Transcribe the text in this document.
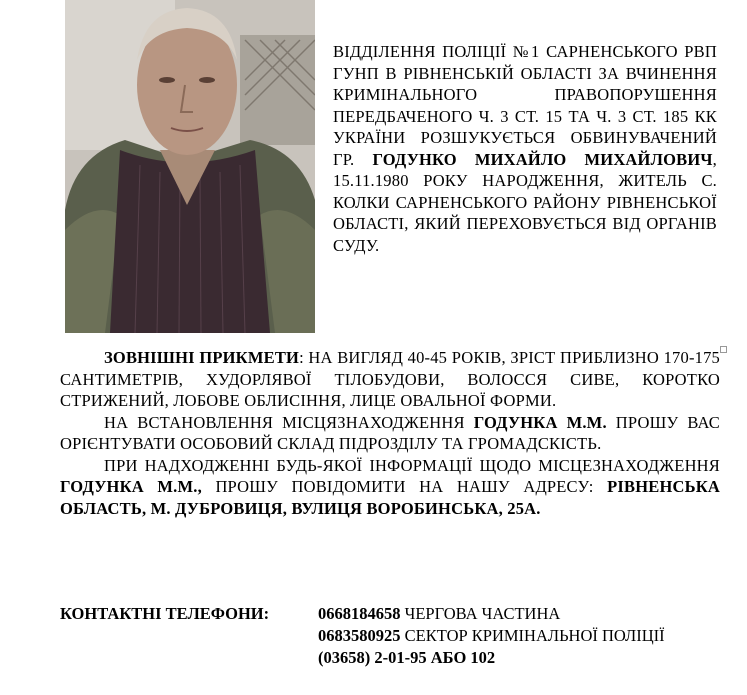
ВІДДІЛЕННЯ ПОЛІЦІЇ №1 САРНЕНСЬКОГО РВП ГУНП В РІВНЕНСЬКІЙ ОБЛАСТІ ЗА ВЧИНЕННЯ КРИМІНАЛЬНОГО ПРАВОПОРУШЕННЯ ПЕРЕДБАЧЕНОГО Ч. 3 СТ. 15 ТА Ч. 3 СТ. 185 КК УКРАЇНИ РОЗШУКУЄТЬСЯ ОБВИНУВАЧЕНИЙ ГР. ГОДУНКО МИХАЙЛО МИХАЙЛОВИЧ, 15.11.1980 РОКУ НАРОДЖЕННЯ, ЖИТЕЛЬ С. КОЛКИ САРНЕНСЬКОГО РАЙОНУ РІВНЕНСЬКОЇ ОБЛАСТІ, ЯКИЙ ПЕРЕХОВУЄТЬСЯ ВІД ОРГАНІВ СУДУ.

ЗОВНІШНІ ПРИКМЕТИ: НА ВИГЛЯД 40-45 РОКІВ, ЗРІСТ ПРИБЛИЗНО 170-175 САНТИМЕТРІВ, ХУДОРЛЯВОЇ ТІЛОБУДОВИ, ВОЛОССЯ СИВЕ, КОРОТКО СТРИЖЕНИЙ, ЛОБОВЕ ОБЛИСІННЯ, ЛИЦЕ ОВАЛЬНОЇ ФОРМИ.

НА ВСТАНОВЛЕННЯ МІСЦЯЗНАХОДЖЕННЯ ГОДУНКА М.М. ПРОШУ ВАС ОРІЄНТУВАТИ ОСОБОВИЙ СКЛАД ПІДРОЗДІЛУ ТА ГРОМАДСКІСТЬ.

ПРИ НАДХОДЖЕННІ БУДЬ-ЯКОЇ ІНФОРМАЦІЇ ЩОДО МІСЦЕЗНАХОДЖЕННЯ ГОДУНКА М.М., ПРОШУ ПОВІДОМИТИ НА НАШУ АДРЕСУ: РІВНЕНСЬКА ОБЛАСТЬ, М. ДУБРОВИЦЯ, ВУЛИЦЯ ВОРОБИНСЬКА, 25А.

КОНТАКТНІ ТЕЛЕФОНИ:	0668184658 ЧЕРГОВА ЧАСТИНА
0683580925 СЕКТОР КРИМІНАЛЬНОЇ ПОЛІЦІЇ
(03658) 2-01-95 АБО 102
